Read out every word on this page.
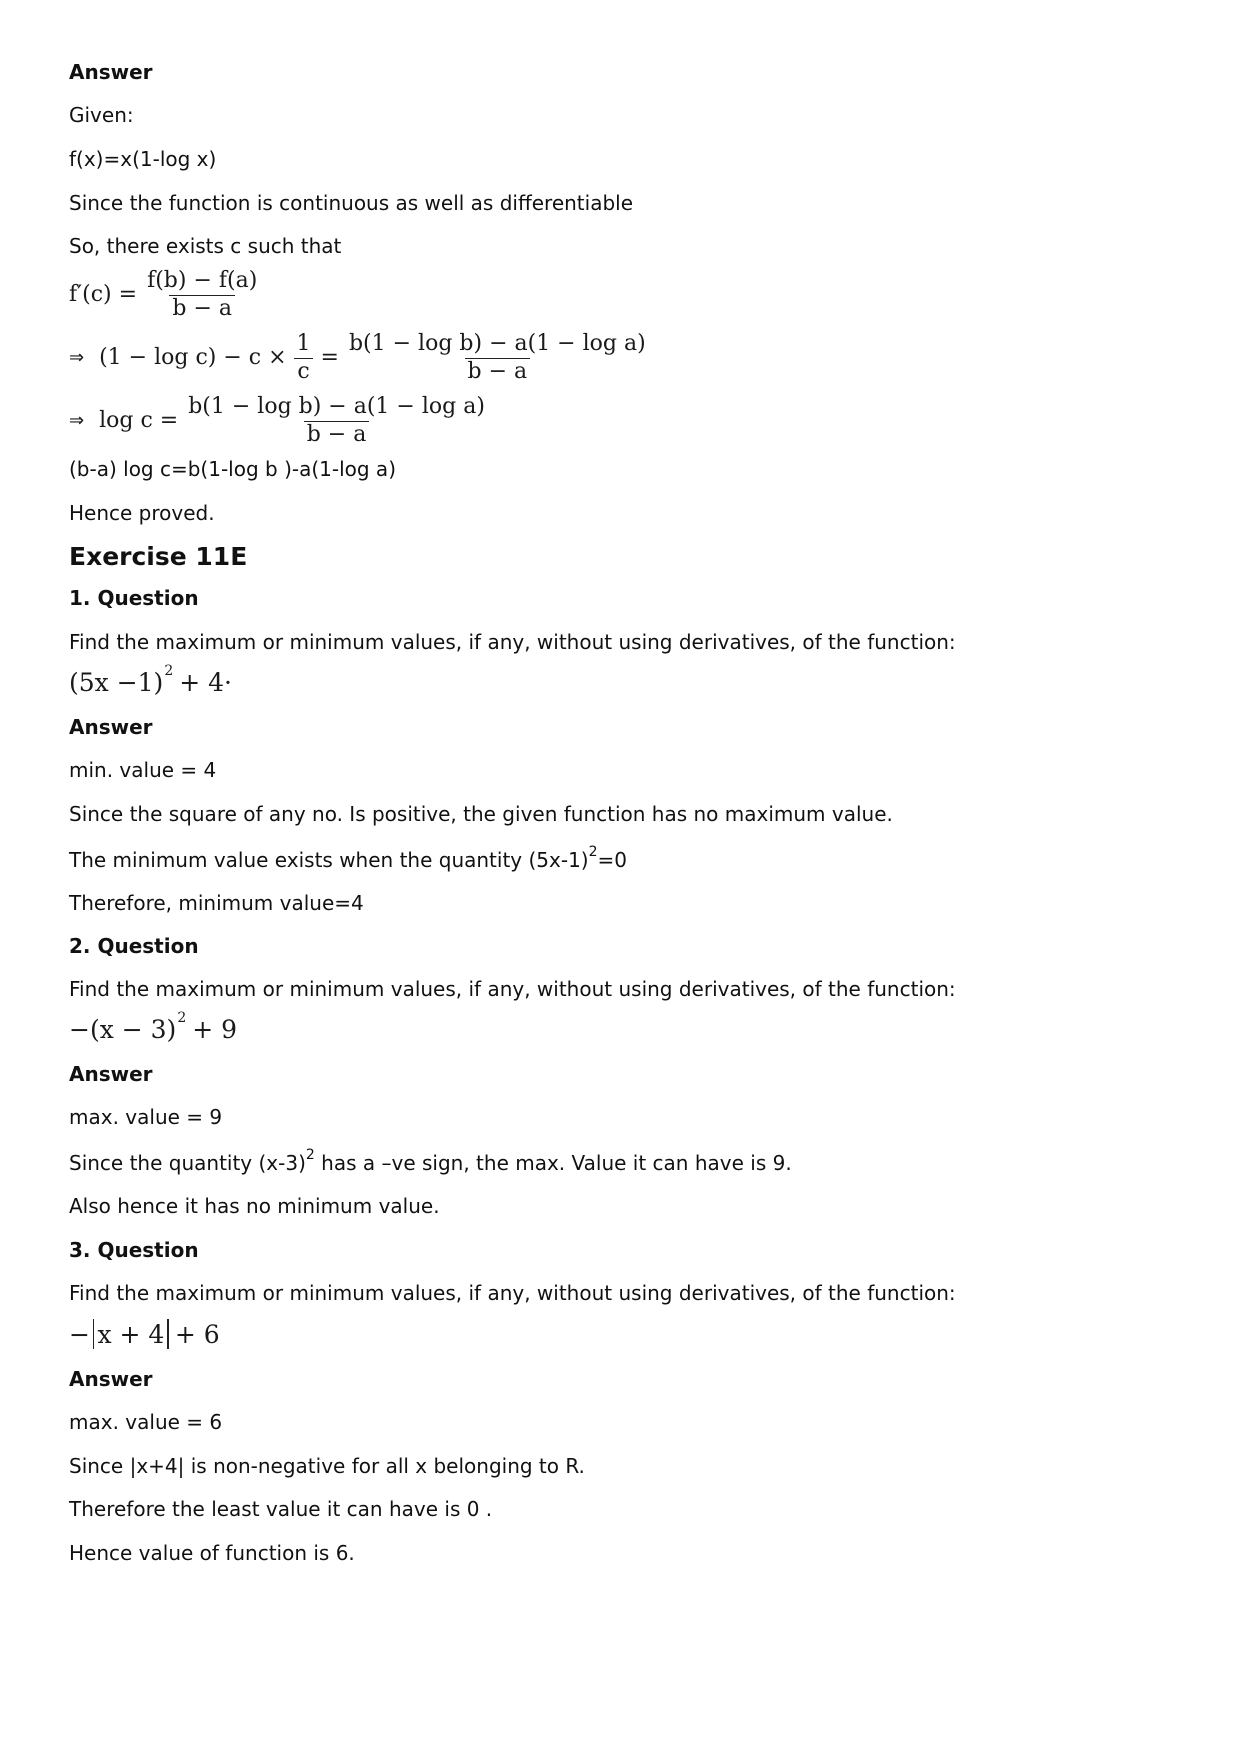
Answer

Given:

f(x)=x(1-log x)

Since the function is continuous as well as differentiable

So, there exists c such that

$f'(c) = \frac{f(b) - f(a)}{b - a}$
⇒ $(1 - \log c) - c \times \frac{1}{c} = \frac{\text{b(1 − log b) − a(1 − log a)}}{b - a}$
⇒ $\log c = \frac{\text{b(1 − log b) − a(1 − log a)}}{b - a}$

(b-a) log c=b(1-log b )-a(1-log a)

Hence proved.

Exercise 11E

1. Question

Find the maximum or minimum values, if any, without using derivatives, of the function:

(5x −1) 2 + 4·

Answer

min. value = 4

Since the square of any no. Is positive, the given function has no maximum value.

The minimum value exists when the quantity $(5x-1)^2=0$

Therefore, minimum value=4

2. Question

Find the maximum or minimum values, if any, without using derivatives, of the function:

−(x − 3) 2 + 9

Answer

max. value = 9

Since the quantity $(x-3)^2$ has a –ve sign, the max. Value it can have is 9.

Also hence it has no minimum value.

3. Question

Find the maximum or minimum values, if any, without using derivatives, of the function:

− x + 4 + 6

Answer

max. value = 6

Since |x+4| is non-negative for all x belonging to R.

Therefore the least value it can have is 0 .

Hence value of function is 6.
